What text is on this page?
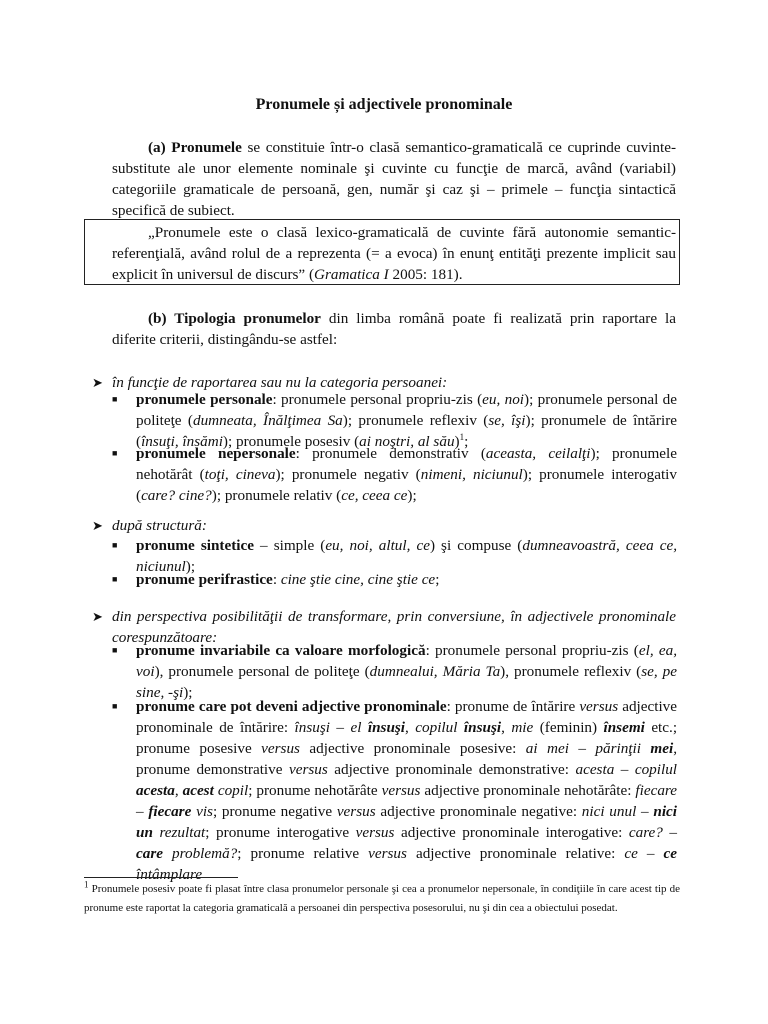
Pronumele și adjectivele pronominale
(a) Pronumele se constituie într-o clasă semantico-gramaticală ce cuprinde cuvinte-substitute ale unor elemente nominale şi cuvinte cu funcţie de marcă, având (variabil) categoriile gramaticale de persoană, gen, număr şi caz şi – primele – funcţia sintactică specifică de subiect.
„Pronumele este o clasă lexico-gramaticală de cuvinte fără autonomie semantic-referenţială, având rolul de a reprezenta (= a evoca) în enunţ entităţi prezente implicit sau explicit în universul de discurs” (Gramatica I 2005: 181).
(b) Tipologia pronumelor din limba română poate fi realizată prin raportare la diferite criterii, distingându-se astfel:
➤ în funcţie de raportarea sau nu la categoria persoanei:
■ pronumele personale: pronumele personal propriu-zis (eu, noi); pronumele personal de politeţe (dumneata, Înălţimea Sa); pronumele reflexiv (se, îşi); pronumele de întărire (însuţi, însămi); pronumele posesiv (ai noştri, al său)$^1$;
■ pronumele nepersonale: pronumele demonstrativ (aceasta, ceilalţi); pronumele nehotărât (toţi, cineva); pronumele negativ (nimeni, niciunul); pronumele interogativ (care? cine?); pronumele relativ (ce, ceea ce);
➤ după structură:
■ pronume sintetice – simple (eu, noi, altul, ce) şi compuse (dumneavoastră, ceea ce, niciunul);
■ pronume perifrastice: cine ştie cine, cine ştie ce;
➤ din perspectiva posibilităţii de transformare, prin conversiune, în adjectivele pronominale corespunzătoare:
■ pronume invariabile ca valoare morfologică: pronumele personal propriu-zis (el, ea, voi), pronumele personal de politeţe (dumnealui, Măria Ta), pronumele reflexiv (se, pe sine, -şi);
■ pronume care pot deveni adjective pronominale: pronume de întărire versus adjective pronominale de întărire: însuşi – el însuşi, copilul însuşi, mie (feminin) însemi etc.; pronume posesive versus adjective pronominale posesive: ai mei – părinţii mei, pronume demonstrative versus adjective pronominale demonstrative: acesta – copilul acesta, acest copil; pronume nehotărâte versus adjective pronominale nehotărâte: fiecare – fiecare vis; pronume negative versus adjective pronominale negative: nici unul – nici un rezultat; pronume interogative versus adjective pronominale interogative: care? – care problemă?; pronume relative versus adjective pronominale relative: ce – ce întâmplare
$^1$ Pronumele posesiv poate fi plasat între clasa pronumelor personale şi cea a pronumelor nepersonale, în condiţiile în care acest tip de pronume este raportat la categoria gramaticală a persoanei din perspectiva posesorului, nu şi din cea a obiectului posedat.
